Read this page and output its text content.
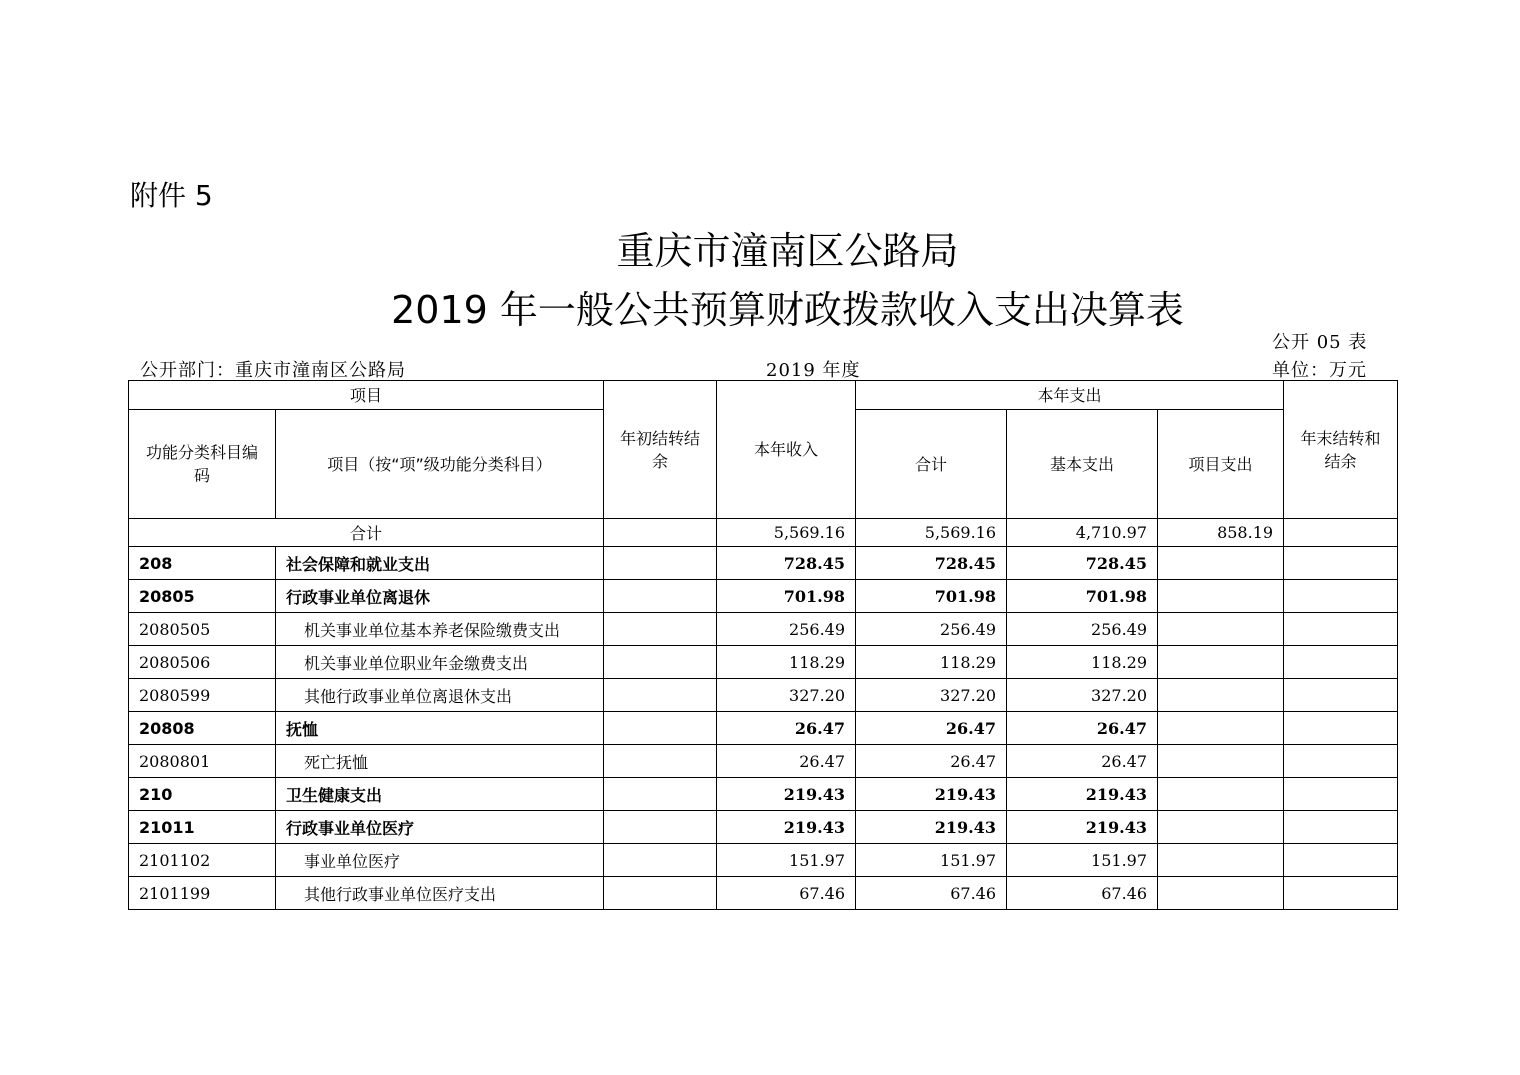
附件 5
重庆市潼南区公路局
2019 年一般公共预算财政拨款收入支出决算表
公开 05 表
公开部门：重庆市潼南区公路局	2019 年度	单位：万元
项目		年初结转结余	本年收入	本年支出			年末结转和结余
功能分类科目编码	项目（按“项”级功能分类科目）			合计	基本支出	项目支出	
合计			5,569.16	5,569.16	4,710.97	858.19	
208	社会保障和就业支出		728.45	728.45	728.45		
20805	行政事业单位离退休		701.98	701.98	701.98		
2080505	机关事业单位基本养老保险缴费支出		256.49	256.49	256.49		
2080506	机关事业单位职业年金缴费支出		118.29	118.29	118.29		
2080599	其他行政事业单位离退休支出		327.20	327.20	327.20		
20808	抚恤		26.47	26.47	26.47		
2080801	死亡抚恤		26.47	26.47	26.47		
210	卫生健康支出		219.43	219.43	219.43		
21011	行政事业单位医疗		219.43	219.43	219.43		
2101102	事业单位医疗		151.97	151.97	151.97		
2101199	其他行政事业单位医疗支出		67.46	67.46	67.46		
